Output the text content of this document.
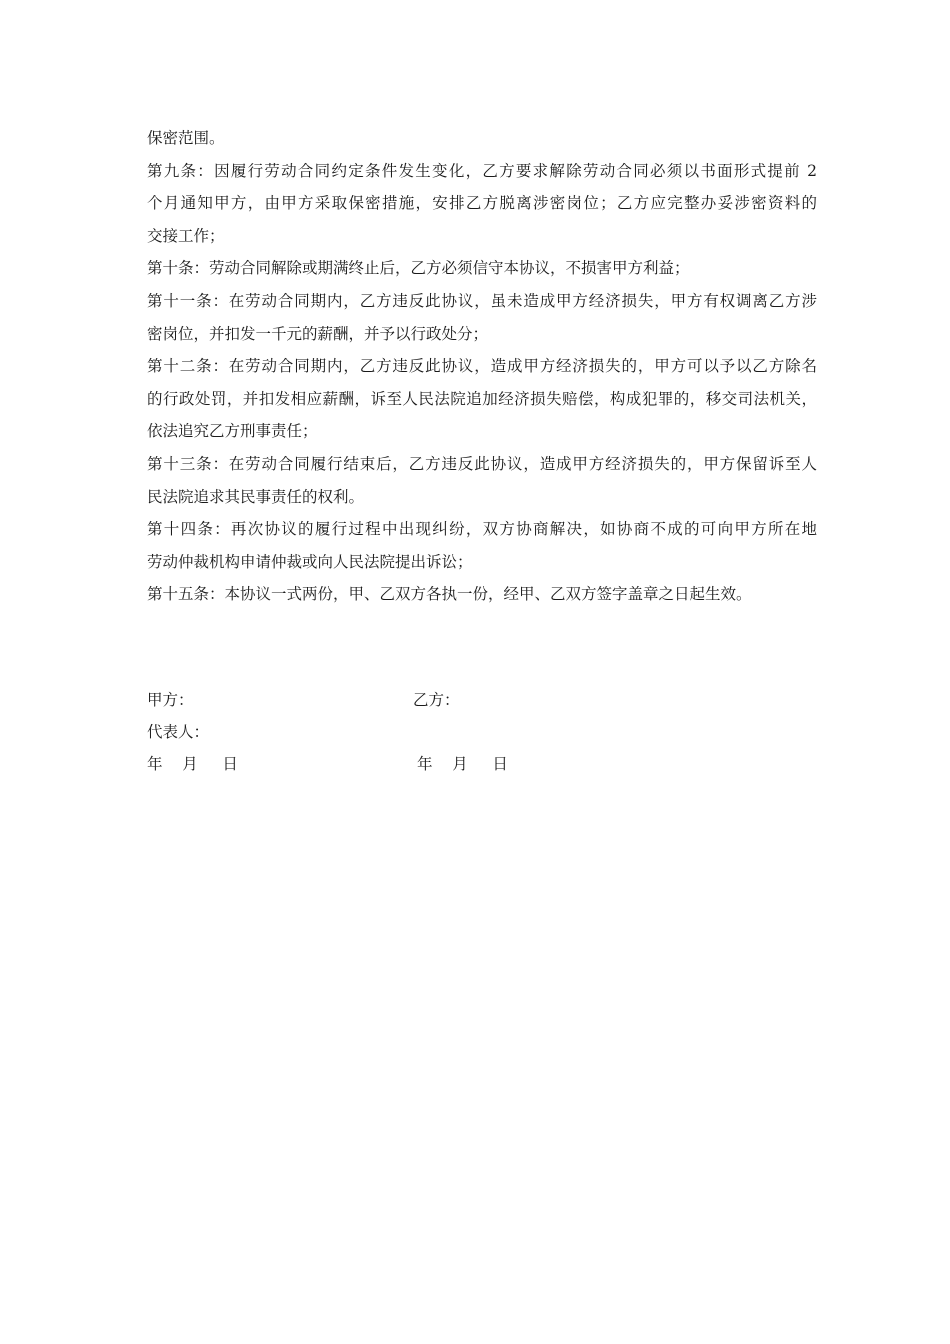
保密范围。
第九条：因履行劳动合同约定条件发生变化，乙方要求解除劳动合同必须以书面形式提前 2
个月通知甲方，由甲方采取保密措施，安排乙方脱离涉密岗位；乙方应完整办妥涉密资料的
交接工作；
第十条：劳动合同解除或期满终止后，乙方必须信守本协议，不损害甲方利益；
第十一条：在劳动合同期内，乙方违反此协议，虽未造成甲方经济损失，甲方有权调离乙方涉
密岗位，并扣发一千元的薪酬，并予以行政处分；
第十二条：在劳动合同期内，乙方违反此协议，造成甲方经济损失的，甲方可以予以乙方除名
的行政处罚，并扣发相应薪酬，诉至人民法院追加经济损失赔偿，构成犯罪的，移交司法机关，
依法追究乙方刑事责任；
第十三条：在劳动合同履行结束后，乙方违反此协议，造成甲方经济损失的，甲方保留诉至人
民法院追求其民事责任的权利。
第十四条：再次协议的履行过程中出现纠纷，双方协商解决，如协商不成的可向甲方所在地
劳动仲裁机构申请仲裁或向人民法院提出诉讼；
第十五条：本协议一式两份，甲、乙双方各执一份，经甲、乙双方签字盖章之日起生效。
甲方：	乙方：
代表人：
年    月     日	年    月     日
